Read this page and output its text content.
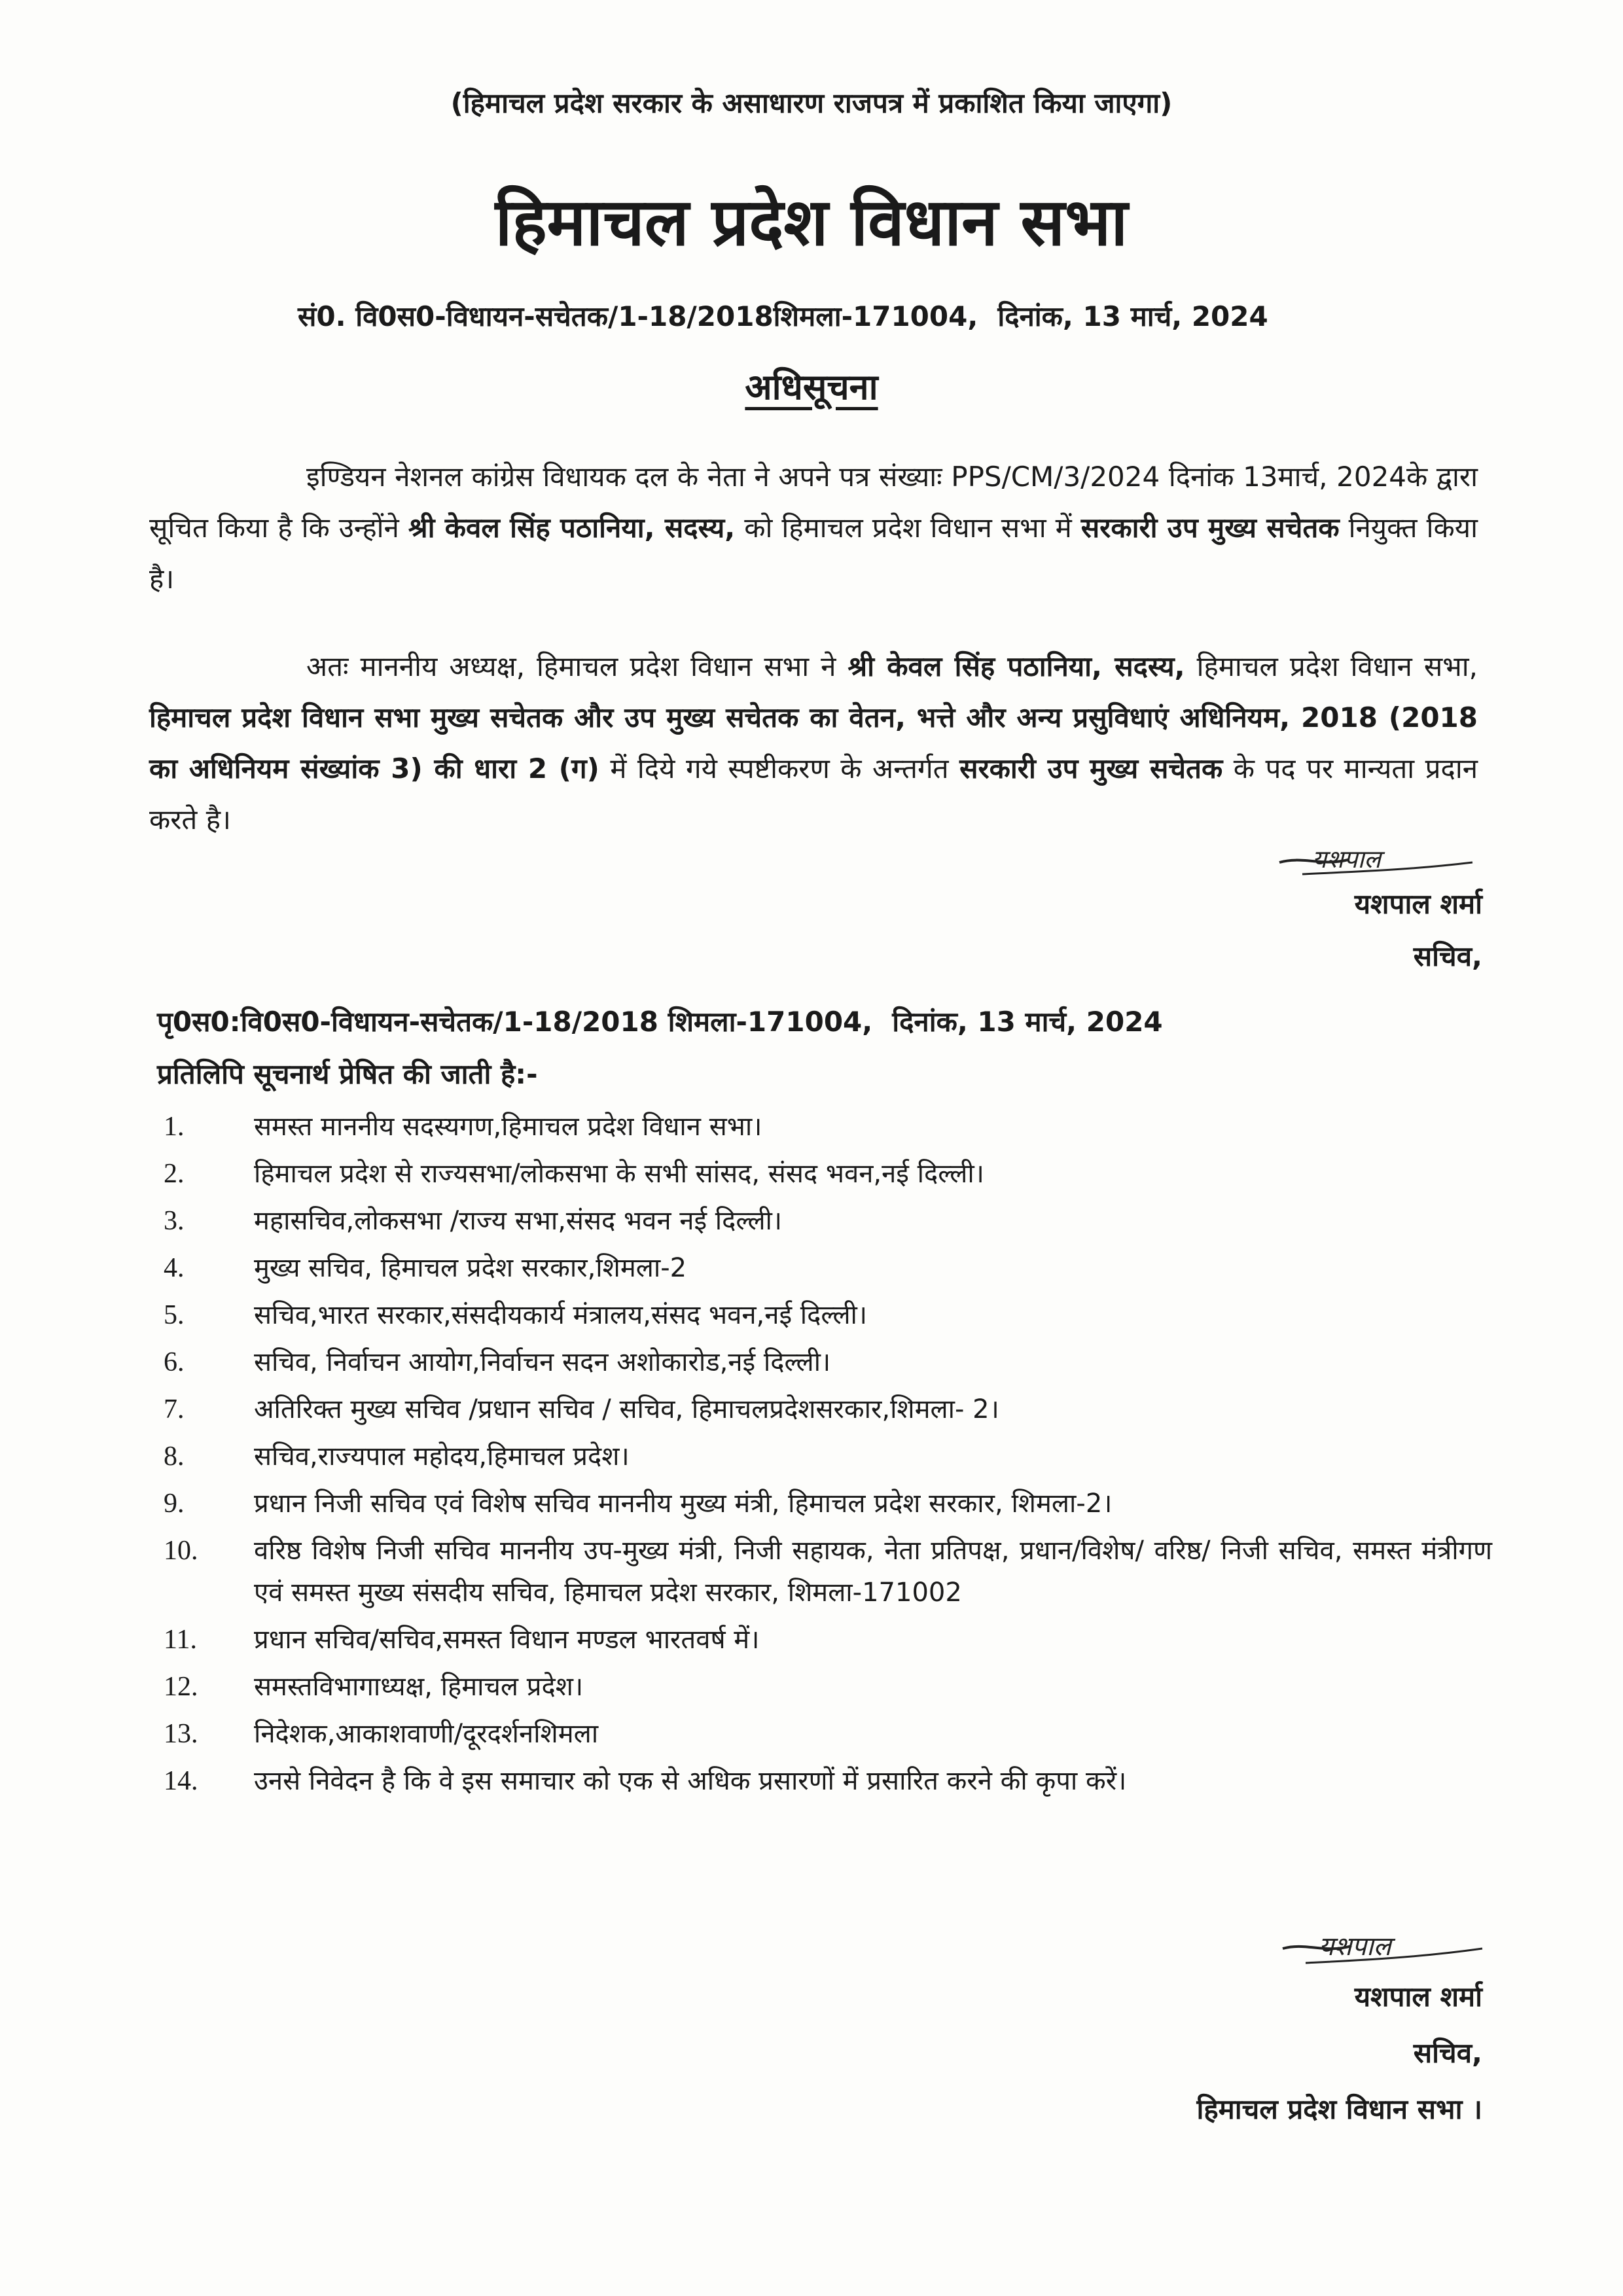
(हिमाचल प्रदेश सरकार के असाधारण राजपत्र में प्रकाशित किया जाएगा)
हिमाचल प्रदेश विधान सभा
सं0. वि0स0-विधायन-सचेतक/1-18/2018शिमला-171004, दिनांक, 13 मार्च, 2024
अधिसूचना
इण्डियन नेशनल कांग्रेस विधायक दल के नेता ने अपने पत्र संख्याः PPS/CM/3/2024 दिनांक 13मार्च, 2024के द्वारा सूचित किया है कि उन्होंने श्री केवल सिंह पठानिया, सदस्य, को हिमाचल प्रदेश विधान सभा में सरकारी उप मुख्य सचेतक नियुक्त किया है।
अतः माननीय अध्यक्ष, हिमाचल प्रदेश विधान सभा ने श्री केवल सिंह पठानिया, सदस्य, हिमाचल प्रदेश विधान सभा, हिमाचल प्रदेश विधान सभा मुख्य सचेतक और उप मुख्य सचेतक का वेतन, भत्ते और अन्य प्रसुविधाएं अधिनियम, 2018 (2018 का अधिनियम संख्यांक 3) की धारा 2 (ग) में दिये गये स्पष्टीकरण के अन्तर्गत सरकारी उप मुख्य सचेतक के पद पर मान्यता प्रदान करते है।
यशपाल
यशपाल शर्मा
सचिव,
पृ0स0:वि0स0-विधायन-सचेतक/1-18/2018 शिमला-171004, दिनांक, 13 मार्च, 2024
प्रतिलिपि सूचनार्थ प्रेषित की जाती है:-
1.	समस्त माननीय सदस्यगण,हिमाचल प्रदेश विधान सभा।
2.	हिमाचल प्रदेश से राज्यसभा/लोकसभा के सभी सांसद, संसद भवन,नई दिल्ली।
3.	महासचिव,लोकसभा /राज्य सभा,संसद भवन नई दिल्ली।
4.	मुख्य सचिव, हिमाचल प्रदेश सरकार,शिमला-2
5.	सचिव,भारत सरकार,संसदीयकार्य मंत्रालय,संसद भवन,नई दिल्ली।
6.	सचिव, निर्वाचन आयोग,निर्वाचन सदन अशोकारोड,नई दिल्ली।
7.	अतिरिक्त मुख्य सचिव /प्रधान सचिव / सचिव, हिमाचलप्रदेशसरकार,शिमला- 2।
8.	सचिव,राज्यपाल महोदय,हिमाचल प्रदेश।
9.	प्रधान निजी सचिव एवं विशेष सचिव माननीय मुख्य मंत्री, हिमाचल प्रदेश सरकार, शिमला-2।
10. वरिष्ठ विशेष निजी सचिव माननीय उप-मुख्य मंत्री, निजी सहायक, नेता प्रतिपक्ष, प्रधान/विशेष/ वरिष्ठ/ निजी सचिव, समस्त मंत्रीगण एवं समस्त मुख्य संसदीय सचिव, हिमाचल प्रदेश सरकार, शिमला-171002
11. प्रधान सचिव/सचिव,समस्त विधान मण्डल भारतवर्ष में।
12. समस्तविभागाध्यक्ष, हिमाचल प्रदेश।
13. निदेशक,आकाशवाणी/दूरदर्शनशिमला
14. उनसे निवेदन है कि वे इस समाचार को एक से अधिक प्रसारणों में प्रसारित करने की कृपा करें।
यशपाल
यशपाल शर्मा
सचिव,
हिमाचल प्रदेश विधान सभा ।
